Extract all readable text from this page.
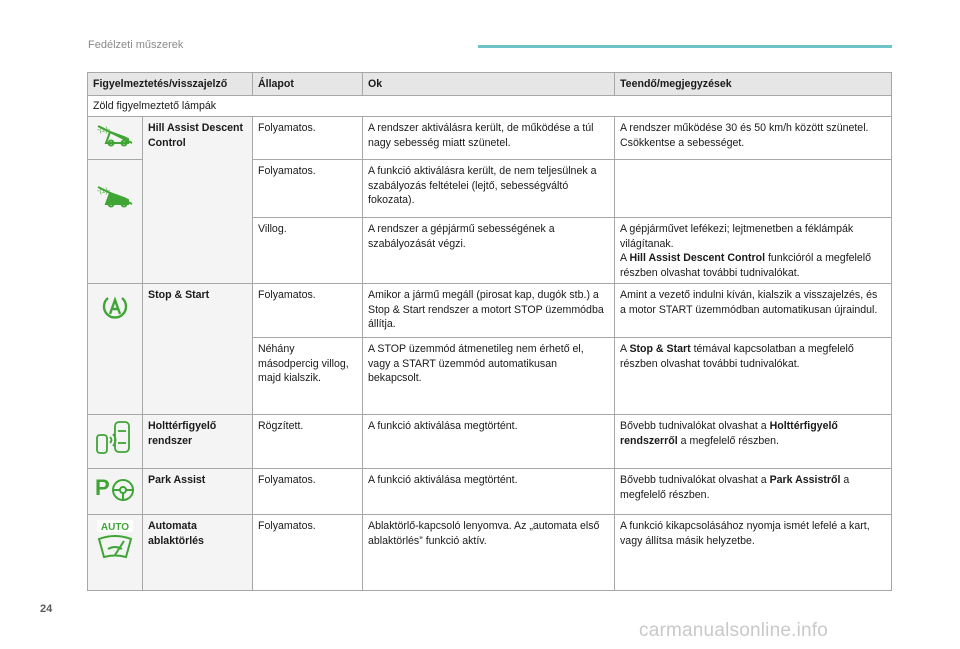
Fedélzeti műszerek
Figyelmeztetés/visszajelző		Állapot	Ok	Teendő/megjegyzések
Zöld figyelmeztető lámpák				

-(±)-	Hill Assist Descent Control	Folyamatos.	A rendszer aktiválásra került, de működése a túl nagy sebesség miatt szünetel.	A rendszer működése 30 és 50 km/h között szünetel. Csökkentse a sebességet.

-(±)-		Folyamatos.	A funkció aktiválásra került, de nem teljesülnek a szabályozás feltételei (lejtő, sebességváltó fokozata).	
		Villog.	A rendszer a gépjármű sebességének a szabályozását végzi.	A gépjárművet lefékezi; lejtmenetben a féklámpák világítanak.
A Hill Assist Descent Control funkcióról a megfelelő részben olvashat további tudnivalókat.

	Stop & Start	Folyamatos.	Amikor a jármű megáll (pirosat kap, dugók stb.) a Stop & Start rendszer a motort STOP üzemmódba állítja.	Amint a vezető indulni kíván, kialszik a visszajelzés, és a motor START üzemmódban automatikusan újraindul.
		Néhány másodpercig villog, majd kialszik.	A STOP üzemmód átmenetileg nem érhető el, vagy a START üzemmód automatikusan bekapcsolt.	A Stop & Start témával kapcsolatban a megfelelő részben olvashat további tudnivalókat.

	Holttérfigyelő rendszer	Rögzített.	A funkció aktiválása megtörtént.	Bővebb tudnivalókat olvashat a Holttérfigyelő rendszerről a megfelelő részben.

P	Park Assist	Folyamatos.	A funkció aktiválása megtörtént.	Bővebb tudnivalókat olvashat a Park Assistről a megfelelő részben.

AUTO	Automata ablaktörlés	Folyamatos.	Ablaktörlő-kapcsoló lenyomva. Az „automata első ablaktörlés” funkció aktív.	A funkció kikapcsolásához nyomja ismét lefelé a kart, vagy állítsa másik helyzetbe.
24
carmanualsonline.info
